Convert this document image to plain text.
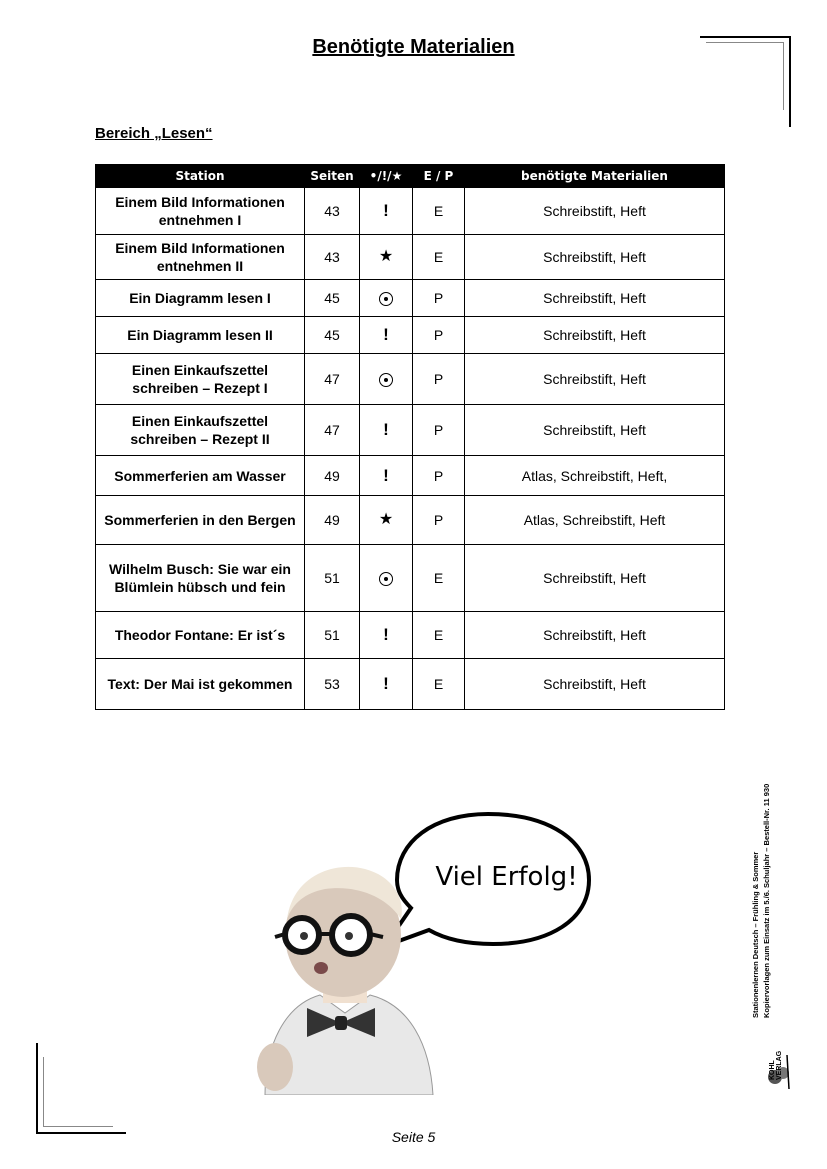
Benötigte Materialien
Bereich „Lesen“
Station	Seiten	•/!/★	E / P	benötigte Materialien
Einem Bild Informationen entnehmen I	43	!	E	Schreibstift, Heft
Einem Bild Informationen entnehmen II	43	★	E	Schreibstift, Heft
Ein Diagramm lesen I	45		P	Schreibstift, Heft
Ein Diagramm lesen II	45	!	P	Schreibstift, Heft
Einen Einkaufszettel schreiben – Rezept I	47		P	Schreibstift, Heft
Einen Einkaufszettel schreiben – Rezept II	47	!	P	Schreibstift, Heft
Sommerferien am Wasser	49	!	P	Atlas, Schreibstift, Heft,
Sommerferien in den Bergen	49	★	P	Atlas, Schreibstift, Heft
Wilhelm Busch: Sie war ein Blümlein hübsch und fein	51		E	Schreibstift, Heft
Theodor Fontane: Er ist´s	51	!	E	Schreibstift, Heft
Text: Der Mai ist gekommen	53	!	E	Schreibstift, Heft
Viel Erfolg!	Stationenlernen Deutsch – Frühling & Sommer Kopiervorlagen zum Einsatz im 5./6. Schuljahr – Bestell-Nr. 11 930
KOHL VERLAG
Seite 5
